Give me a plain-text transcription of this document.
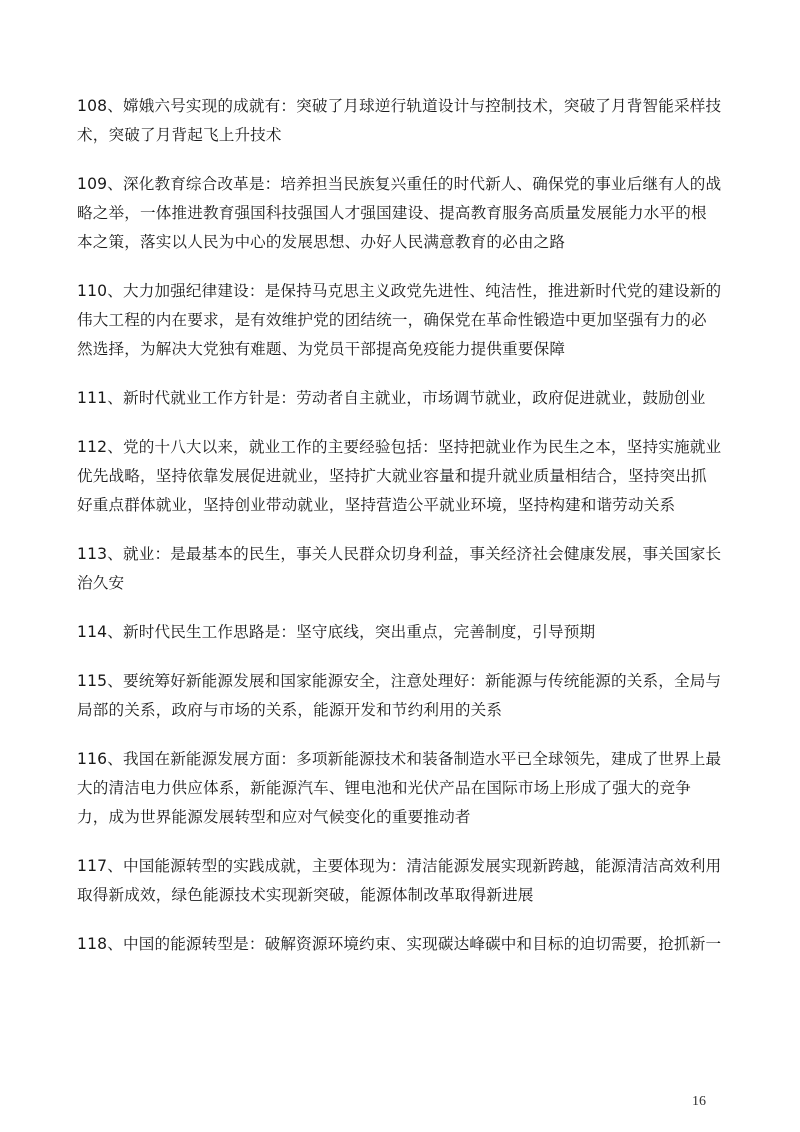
108、嫦娥六号实现的成就有：突破了月球逆行轨道设计与控制技术，突破了月背智能采样技
术，突破了月背起飞上升技术
109、深化教育综合改革是：培养担当民族复兴重任的时代新人、确保党的事业后继有人的战
略之举，一体推进教育强国科技强国人才强国建设、提高教育服务高质量发展能力水平的根
本之策，落实以人民为中心的发展思想、办好人民满意教育的必由之路
110、大力加强纪律建设：是保持马克思主义政党先进性、纯洁性，推进新时代党的建设新的
伟大工程的内在要求，是有效维护党的团结统一，确保党在革命性锻造中更加坚强有力的必
然选择，为解决大党独有难题、为党员干部提高免疫能力提供重要保障
111、新时代就业工作方针是：劳动者自主就业，市场调节就业，政府促进就业，鼓励创业
112、党的十八大以来，就业工作的主要经验包括：坚持把就业作为民生之本，坚持实施就业
优先战略，坚持依靠发展促进就业，坚持扩大就业容量和提升就业质量相结合，坚持突出抓
好重点群体就业，坚持创业带动就业，坚持营造公平就业环境，坚持构建和谐劳动关系
113、就业：是最基本的民生，事关人民群众切身利益，事关经济社会健康发展，事关国家长
治久安
114、新时代民生工作思路是：坚守底线，突出重点，完善制度，引导预期
115、要统筹好新能源发展和国家能源安全，注意处理好：新能源与传统能源的关系，全局与
局部的关系，政府与市场的关系，能源开发和节约利用的关系
116、我国在新能源发展方面：多项新能源技术和装备制造水平已全球领先，建成了世界上最
大的清洁电力供应体系，新能源汽车、锂电池和光伏产品在国际市场上形成了强大的竞争
力，成为世界能源发展转型和应对气候变化的重要推动者
117、中国能源转型的实践成就，主要体现为：清洁能源发展实现新跨越，能源清洁高效利用
取得新成效，绿色能源技术实现新突破，能源体制改革取得新进展
118、中国的能源转型是：破解资源环境约束、实现碳达峰碳中和目标的迫切需要，抢抓新一
16
